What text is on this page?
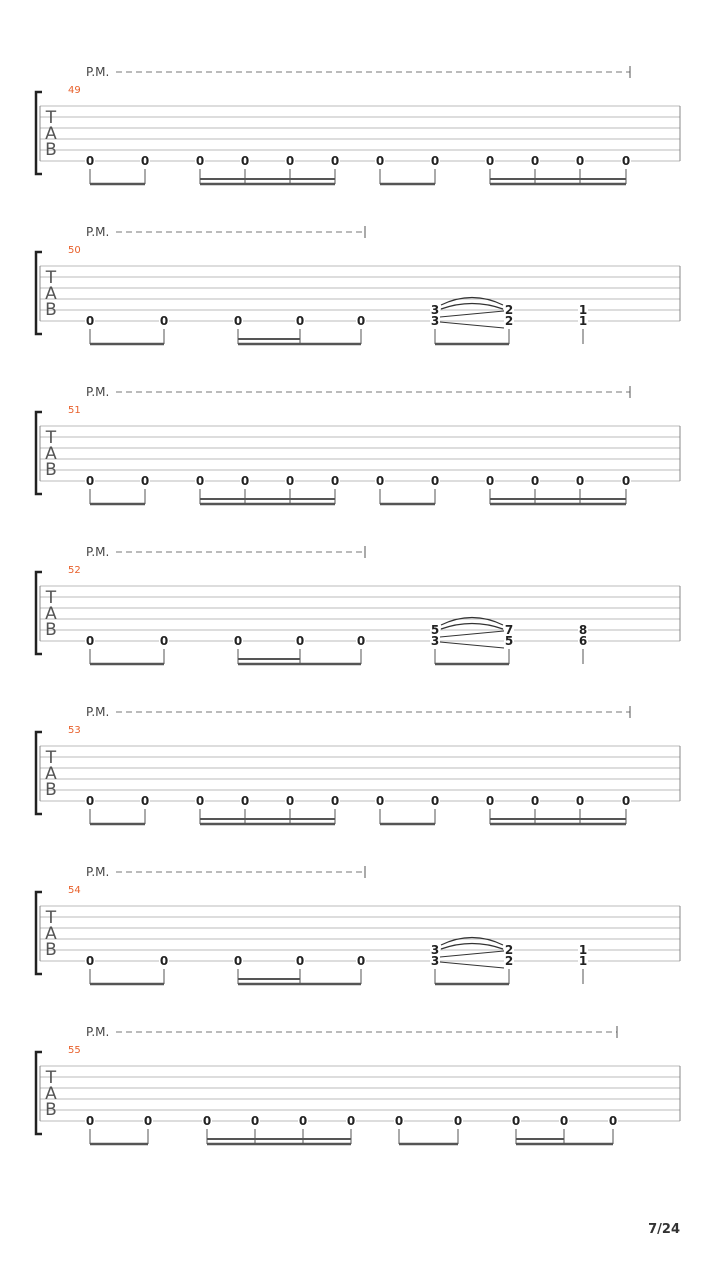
P.M.
49
T
A
B
0	0	0	0	0	0	0	0	0	0	0	0
P.M.
50
T
A
B
0	0	0	0	0
3
3
2
2
1
1
P.M.
51
T
A
B
0	0	0	0	0	0	0	0	0	0	0	0
P.M.
52
T
A
B
0	0	0	0	0
5
3
7
5
8
6
P.M.
53
T
A
B
0	0	0	0	0	0	0	0	0	0	0	0
P.M.
54
T
A
B
0	0	0	0	0
3
3
2
2
1
1
P.M.
55
T
A
B
0	0	0	0	0	0	0	0	0	0	0
7/24
